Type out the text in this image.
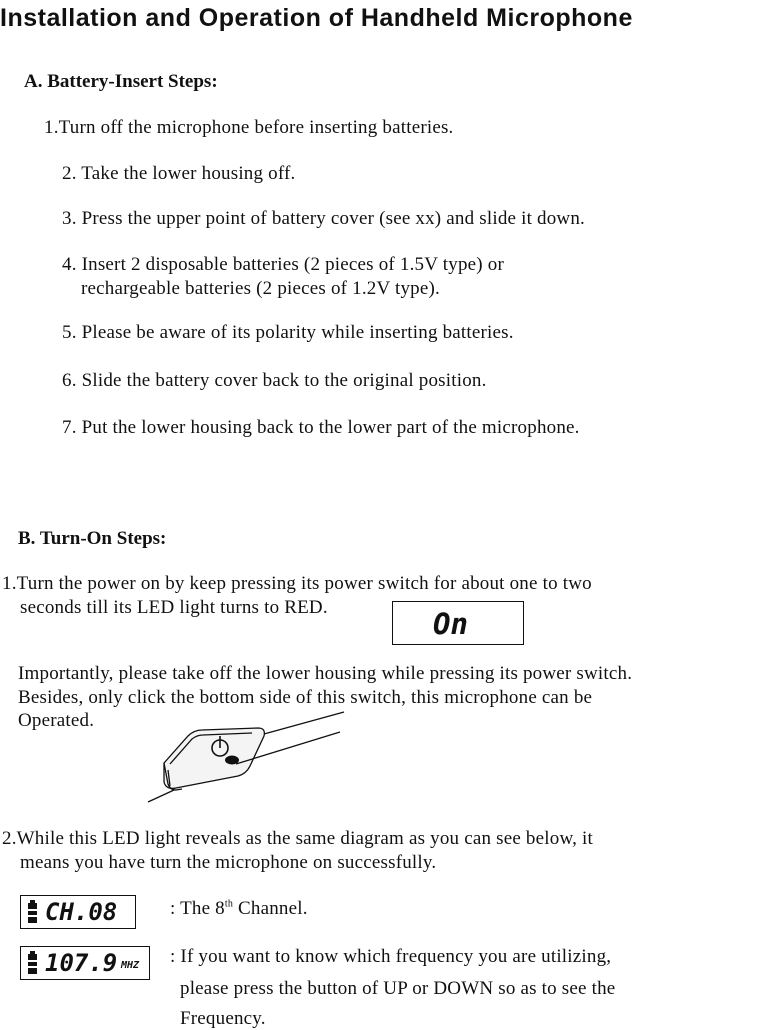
Installation and Operation of Handheld Microphone
A. Battery-Insert Steps:
1.Turn off the microphone before inserting batteries.
2. Take the lower housing off.
3. Press the upper point of battery cover (see xx) and slide it down.
4. Insert 2 disposable batteries (2 pieces of 1.5V type) or
rechargeable batteries (2 pieces of 1.2V type).
5. Please be aware of its polarity while inserting batteries.
6. Slide the battery cover back to the original position.
7. Put the lower housing back to the lower part of the microphone.
B. Turn-On Steps:
1.Turn the power on by keep pressing its power switch for about one to two
seconds till its LED light turns to RED.	On
Importantly, please take off the lower housing while pressing its power switch.
Besides, only click the bottom side of this switch, this microphone can be
Operated.
2.While this LED light reveals as the same diagram as you can see below, it
means you have turn the microphone on successfully.
CH.08	: The 8th Channel.
107.9 MHZ : If you want to know which frequency you are utilizing,
please press the button of UP or DOWN so as to see the
Frequency.
